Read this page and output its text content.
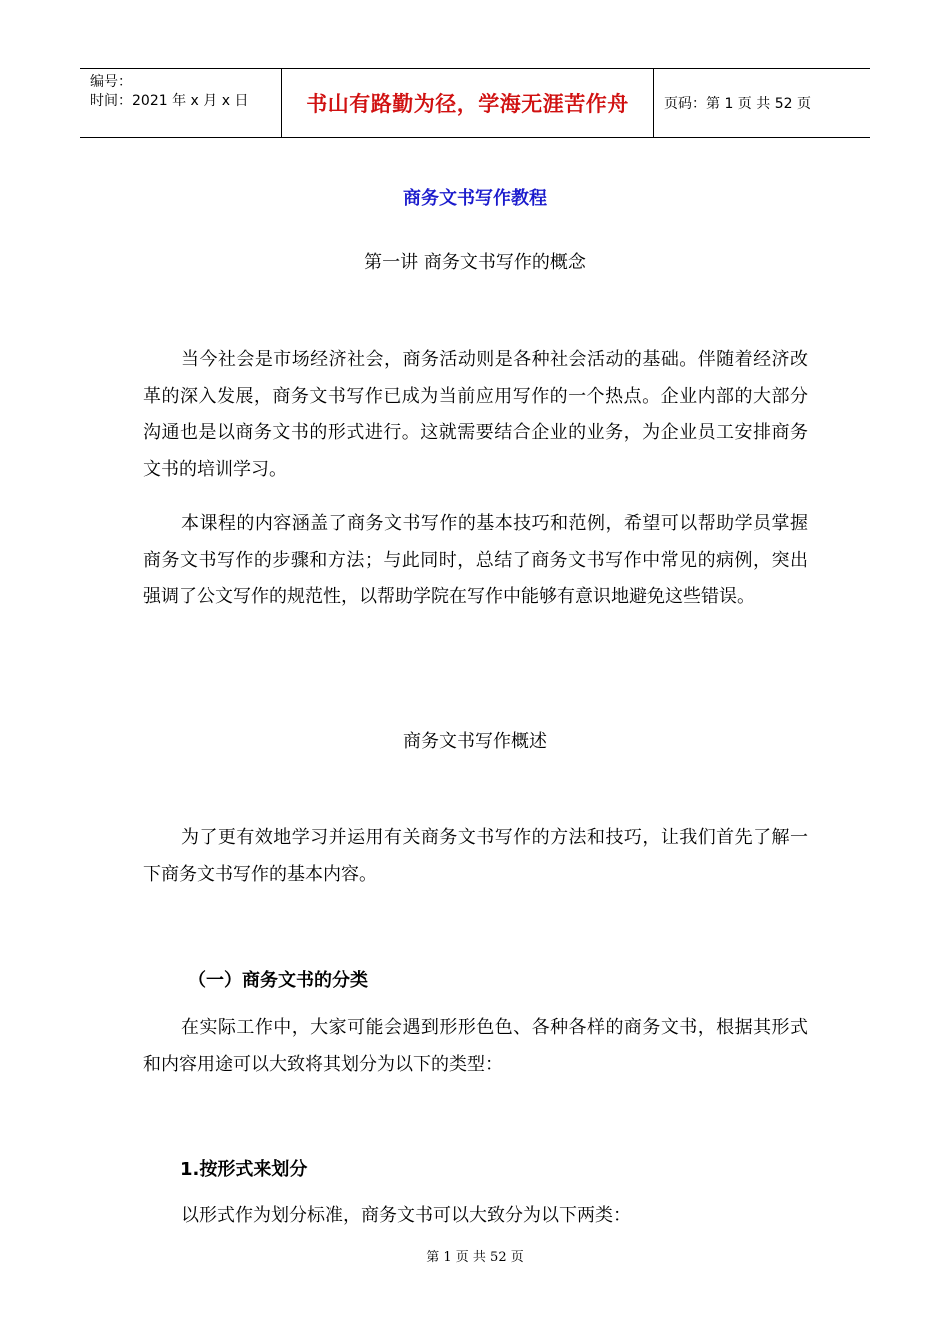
编号：
时间：2021 年 x 月 x 日	书山有路勤为径，学海无涯苦作舟	页码：第 1 页 共 52 页
商务文书写作教程
第一讲 商务文书写作的概念

当今社会是市场经济社会，商务活动则是各种社会活动的基础。伴随着经济改革的深入发展，商务文书写作已成为当前应用写作的一个热点。企业内部的大部分沟通也是以商务文书的形式进行。这就需要结合企业的业务，为企业员工安排商务文书的培训学习。

本课程的内容涵盖了商务文书写作的基本技巧和范例，希望可以帮助学员掌握商务文书写作的步骤和方法；与此同时，总结了商务文书写作中常见的病例，突出强调了公文写作的规范性，以帮助学院在写作中能够有意识地避免这些错误。

商务文书写作概述

为了更有效地学习并运用有关商务文书写作的方法和技巧，让我们首先了解一下商务文书写作的基本内容。

（一）商务文书的分类

在实际工作中，大家可能会遇到形形色色、各种各样的商务文书，根据其形式和内容用途可以大致将其划分为以下的类型：

1.按形式来划分

以形式作为划分标准，商务文书可以大致分为以下两类：

第 1 页 共 52 页
